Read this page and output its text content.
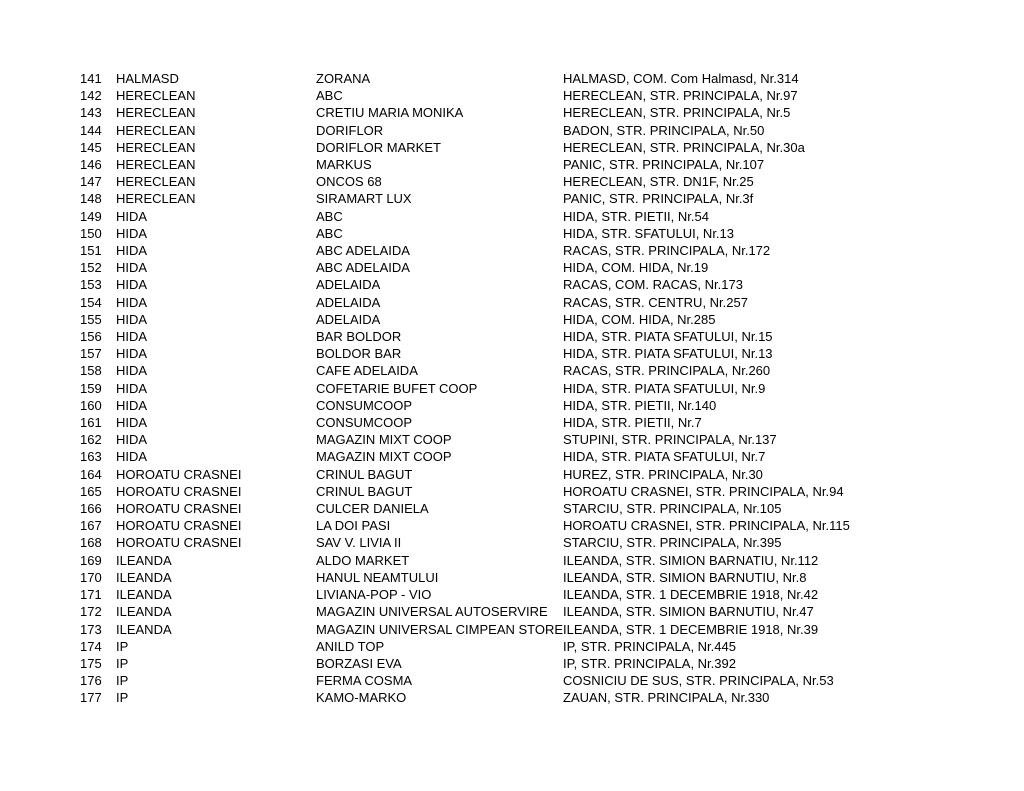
141	HALMASD	ZORANA	HALMASD, COM. Com Halmasd, Nr.314
142	HERECLEAN	ABC	HERECLEAN, STR. PRINCIPALA, Nr.97
143	HERECLEAN	CRETIU MARIA MONIKA	HERECLEAN, STR. PRINCIPALA, Nr.5
144	HERECLEAN	DORIFLOR	BADON, STR. PRINCIPALA, Nr.50
145	HERECLEAN	DORIFLOR MARKET	HERECLEAN, STR. PRINCIPALA, Nr.30a
146	HERECLEAN	MARKUS	PANIC, STR. PRINCIPALA, Nr.107
147	HERECLEAN	ONCOS 68	HERECLEAN, STR. DN1F, Nr.25
148	HERECLEAN	SIRAMART LUX	PANIC, STR. PRINCIPALA, Nr.3f
149	HIDA	ABC	HIDA, STR. PIETII, Nr.54
150	HIDA	ABC	HIDA, STR. SFATULUI, Nr.13
151	HIDA	ABC ADELAIDA	RACAS, STR. PRINCIPALA, Nr.172
152	HIDA	ABC ADELAIDA	HIDA, COM. HIDA, Nr.19
153	HIDA	ADELAIDA	RACAS, COM. RACAS, Nr.173
154	HIDA	ADELAIDA	RACAS, STR. CENTRU, Nr.257
155	HIDA	ADELAIDA	HIDA, COM. HIDA, Nr.285
156	HIDA	BAR BOLDOR	HIDA, STR. PIATA SFATULUI, Nr.15
157	HIDA	BOLDOR BAR	HIDA, STR. PIATA SFATULUI, Nr.13
158	HIDA	CAFE ADELAIDA	RACAS, STR. PRINCIPALA, Nr.260
159	HIDA	COFETARIE BUFET COOP	HIDA, STR. PIATA SFATULUI, Nr.9
160	HIDA	CONSUMCOOP	HIDA, STR. PIETII, Nr.140
161	HIDA	CONSUMCOOP	HIDA, STR. PIETII, Nr.7
162	HIDA	MAGAZIN MIXT COOP	STUPINI, STR. PRINCIPALA, Nr.137
163	HIDA	MAGAZIN MIXT COOP	HIDA, STR. PIATA SFATULUI, Nr.7
164	HOROATU CRASNEI	CRINUL BAGUT	HUREZ, STR. PRINCIPALA, Nr.30
165	HOROATU CRASNEI	CRINUL BAGUT	HOROATU CRASNEI, STR. PRINCIPALA, Nr.94
166	HOROATU CRASNEI	CULCER DANIELA	STARCIU, STR. PRINCIPALA, Nr.105
167	HOROATU CRASNEI	LA DOI PASI	HOROATU CRASNEI, STR. PRINCIPALA, Nr.115
168	HOROATU CRASNEI	SAV V. LIVIA II	STARCIU, STR. PRINCIPALA, Nr.395
169	ILEANDA	ALDO MARKET	ILEANDA, STR. SIMION BARNATIU, Nr.112
170	ILEANDA	HANUL NEAMTULUI	ILEANDA, STR. SIMION BARNUTIU, Nr.8
171	ILEANDA	LIVIANA-POP - VIO	ILEANDA, STR. 1 DECEMBRIE 1918, Nr.42
172	ILEANDA	MAGAZIN UNIVERSAL AUTOSERVIRE	ILEANDA, STR. SIMION BARNUTIU, Nr.47
173	ILEANDA	MAGAZIN UNIVERSAL CIMPEAN STORE	ILEANDA, STR. 1 DECEMBRIE 1918, Nr.39
174	IP	ANILD TOP	IP, STR. PRINCIPALA, Nr.445
175	IP	BORZASI EVA	IP, STR. PRINCIPALA, Nr.392
176	IP	FERMA COSMA	COSNICIU DE SUS, STR. PRINCIPALA, Nr.53
177	IP	KAMO-MARKO	ZAUAN, STR. PRINCIPALA, Nr.330
